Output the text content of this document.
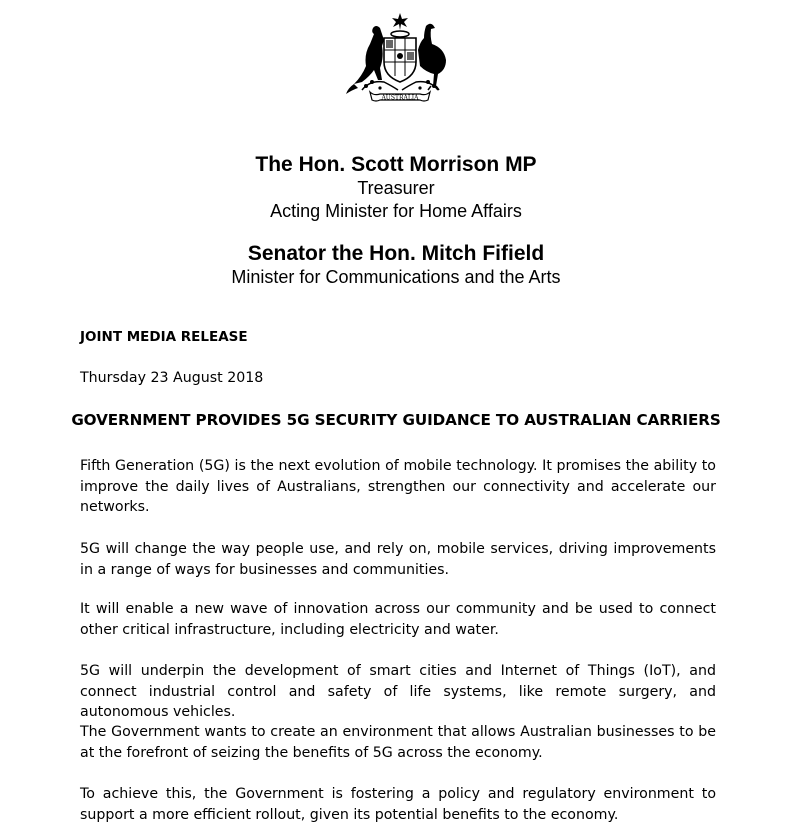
AUSTRALIA

The Hon. Scott Morrison MP

Treasurer

Acting Minister for Home Affairs

Senator the Hon. Mitch Fifield

Minister for Communications and the Arts

JOINT MEDIA RELEASE

Thursday 23 August 2018

GOVERNMENT PROVIDES 5G SECURITY GUIDANCE TO AUSTRALIAN CARRIERS

Fifth Generation (5G) is the next evolution of mobile technology. It promises the ability to improve the daily lives of Australians, strengthen our connectivity and accelerate our networks.

5G will change the way people use, and rely on, mobile services, driving improvements in a range of ways for businesses and communities.

It will enable a new wave of innovation across our community and be used to connect other critical infrastructure, including electricity and water.

5G will underpin the development of smart cities and Internet of Things (IoT), and connect industrial control and safety of life systems, like remote surgery, and autonomous vehicles.

The Government wants to create an environment that allows Australian businesses to be at the forefront of seizing the benefits of 5G across the economy.

To achieve this, the Government is fostering a policy and regulatory environment to support a more efficient rollout, given its potential benefits to the economy.
